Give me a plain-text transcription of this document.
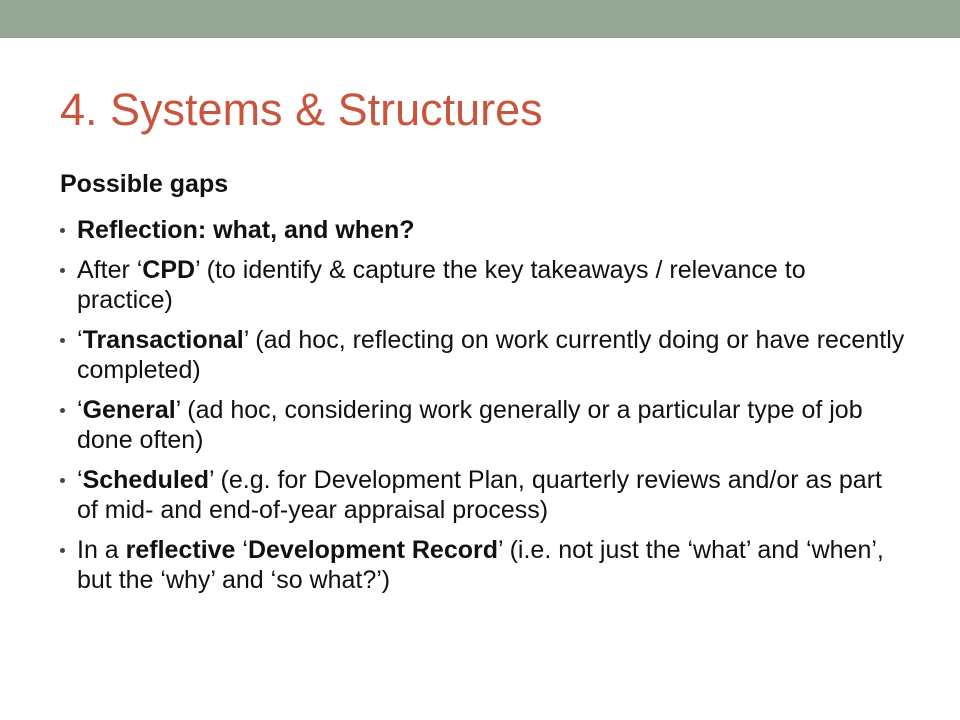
4. Systems & Structures
Possible gaps
Reflection: what, and when?
After ‘CPD’ (to identify & capture the key takeaways / relevance to practice)
‘Transactional’ (ad hoc, reflecting on work currently doing or have recently completed)
‘General’ (ad hoc, considering work generally or a particular type of job done often)
‘Scheduled’ (e.g. for Development Plan, quarterly reviews and/or as part of mid- and end-of-year appraisal process)
In a reflective ‘Development Record’ (i.e. not just the ‘what’ and ‘when’, but the ‘why’ and ‘so what?’)
